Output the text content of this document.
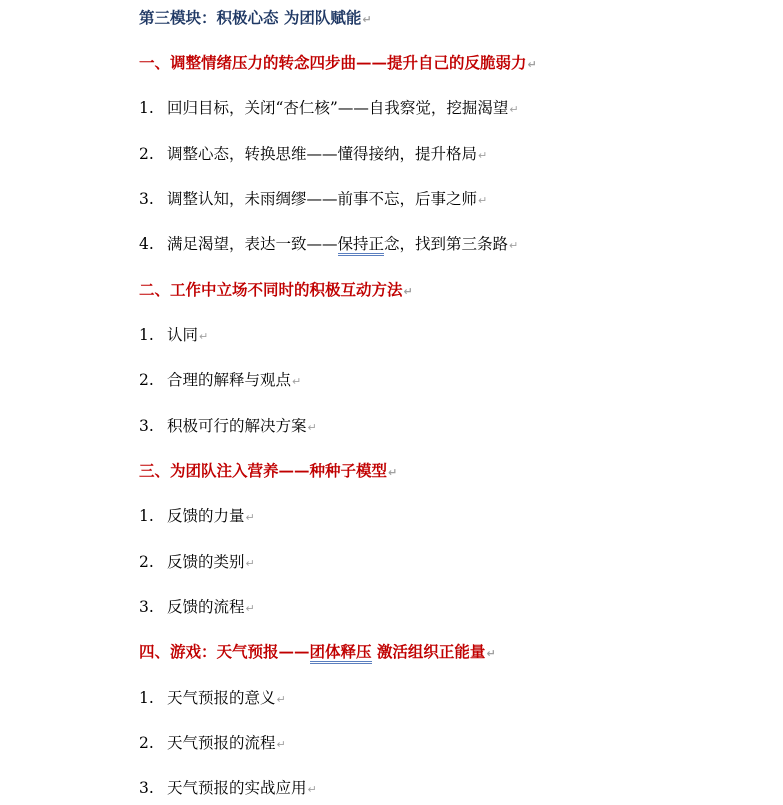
第三模块：积极心态 为团队赋能↵
一、调整情绪压力的转念四步曲——提升自己的反脆弱力↵
1. 回归目标，关闭“杏仁核”——自我察觉，挖掘渴望↵
2. 调整心态，转换思维——懂得接纳，提升格局↵
3. 调整认知，未雨绸缪——前事不忘，后事之师↵
4. 满足渴望，表达一致——保持正念，找到第三条路↵
二、工作中立场不同时的积极互动方法↵
1. 认同↵
2. 合理的解释与观点↵
3. 积极可行的解决方案↵
三、为团队注入营养——种种子模型↵
1. 反馈的力量↵
2. 反馈的类别↵
3. 反馈的流程↵
四、游戏：天气预报——团体释压 激活组织正能量↵
1. 天气预报的意义↵
2. 天气预报的流程↵
3. 天气预报的实战应用↵
